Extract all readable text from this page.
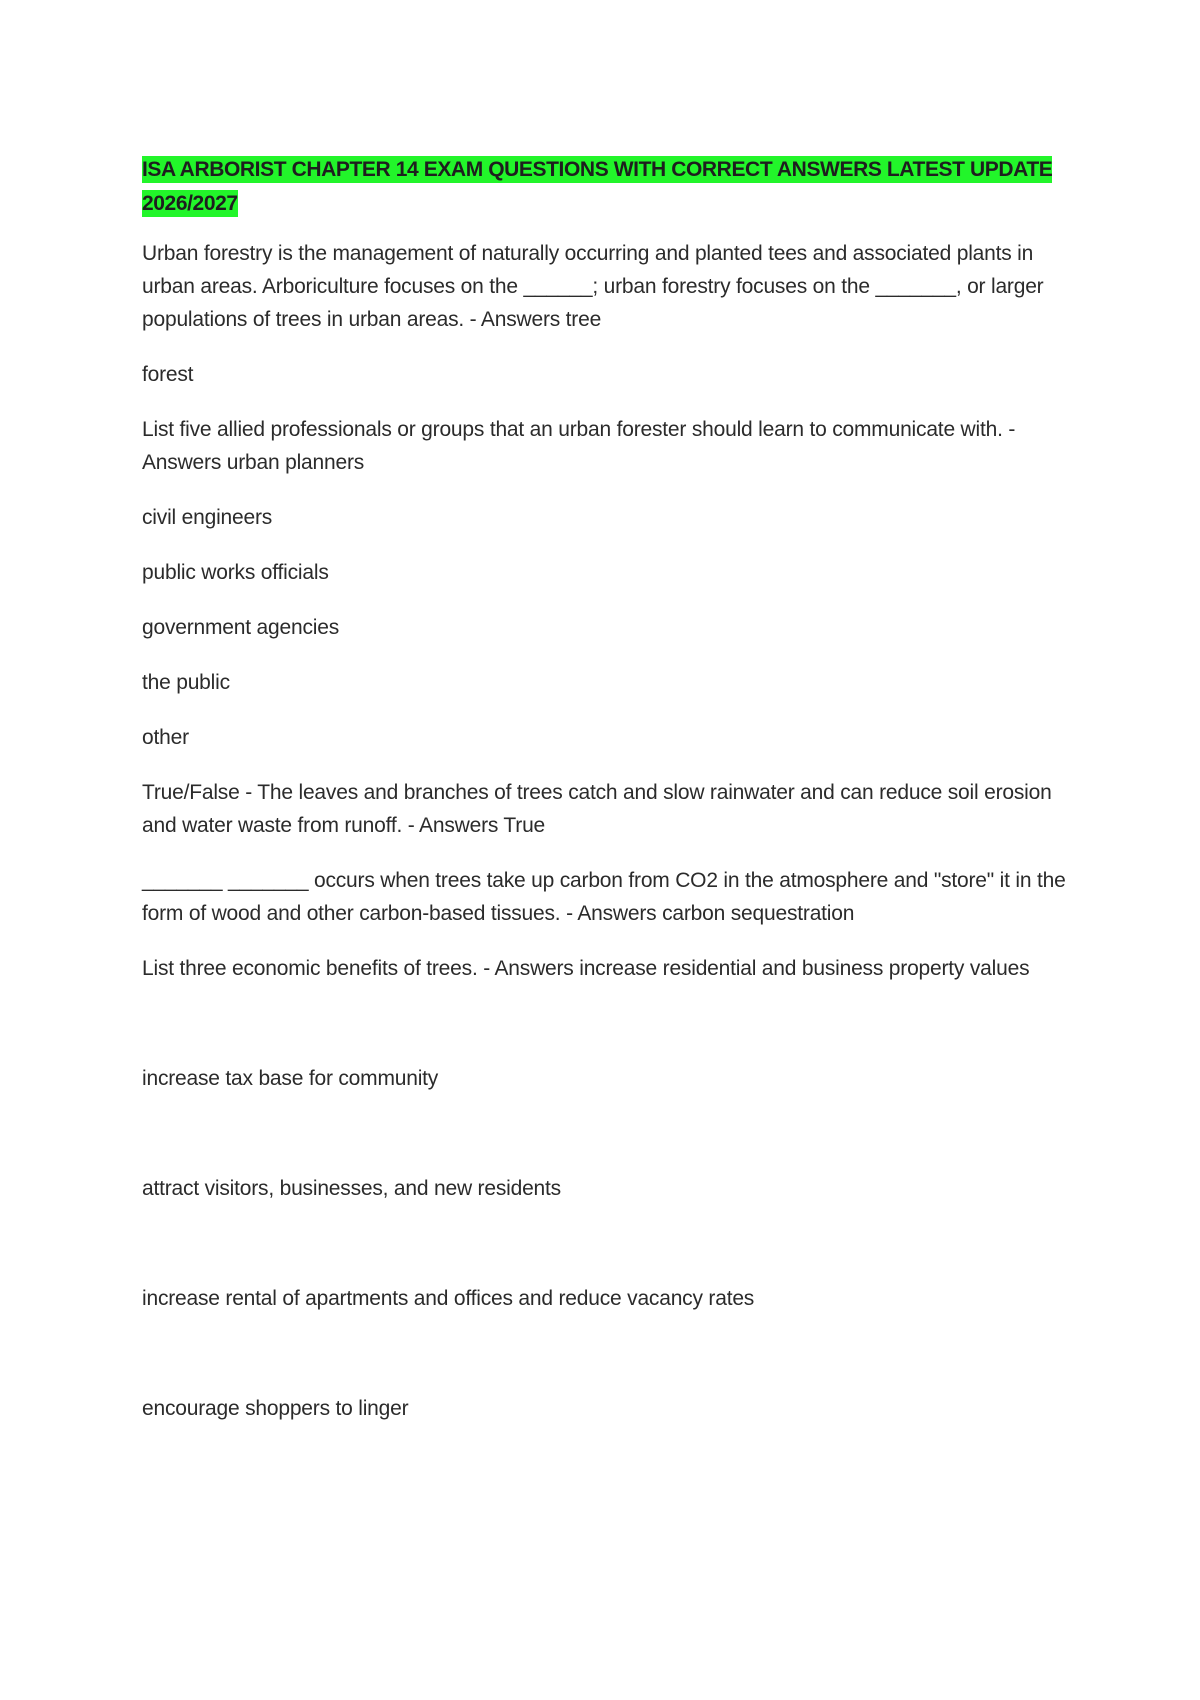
ISA ARBORIST CHAPTER 14 EXAM QUESTIONS WITH CORRECT ANSWERS LATEST UPDATE 2026/2027

Urban forestry is the management of naturally occurring and planted tees and associated plants in urban areas. Arboriculture focuses on the ______; urban forestry focuses on the _______, or larger populations of trees in urban areas. - Answers tree

forest

List five allied professionals or groups that an urban forester should learn to communicate with. - Answers urban planners

civil engineers

public works officials

government agencies

the public

other

True/False - The leaves and branches of trees catch and slow rainwater and can reduce soil erosion and water waste from runoff. - Answers True

_______ _______ occurs when trees take up carbon from CO2 in the atmosphere and "store" it in the form of wood and other carbon-based tissues. - Answers carbon sequestration

List three economic benefits of trees. - Answers increase residential and business property values

increase tax base for community

attract visitors, businesses, and new residents

increase rental of apartments and offices and reduce vacancy rates

encourage shoppers to linger
